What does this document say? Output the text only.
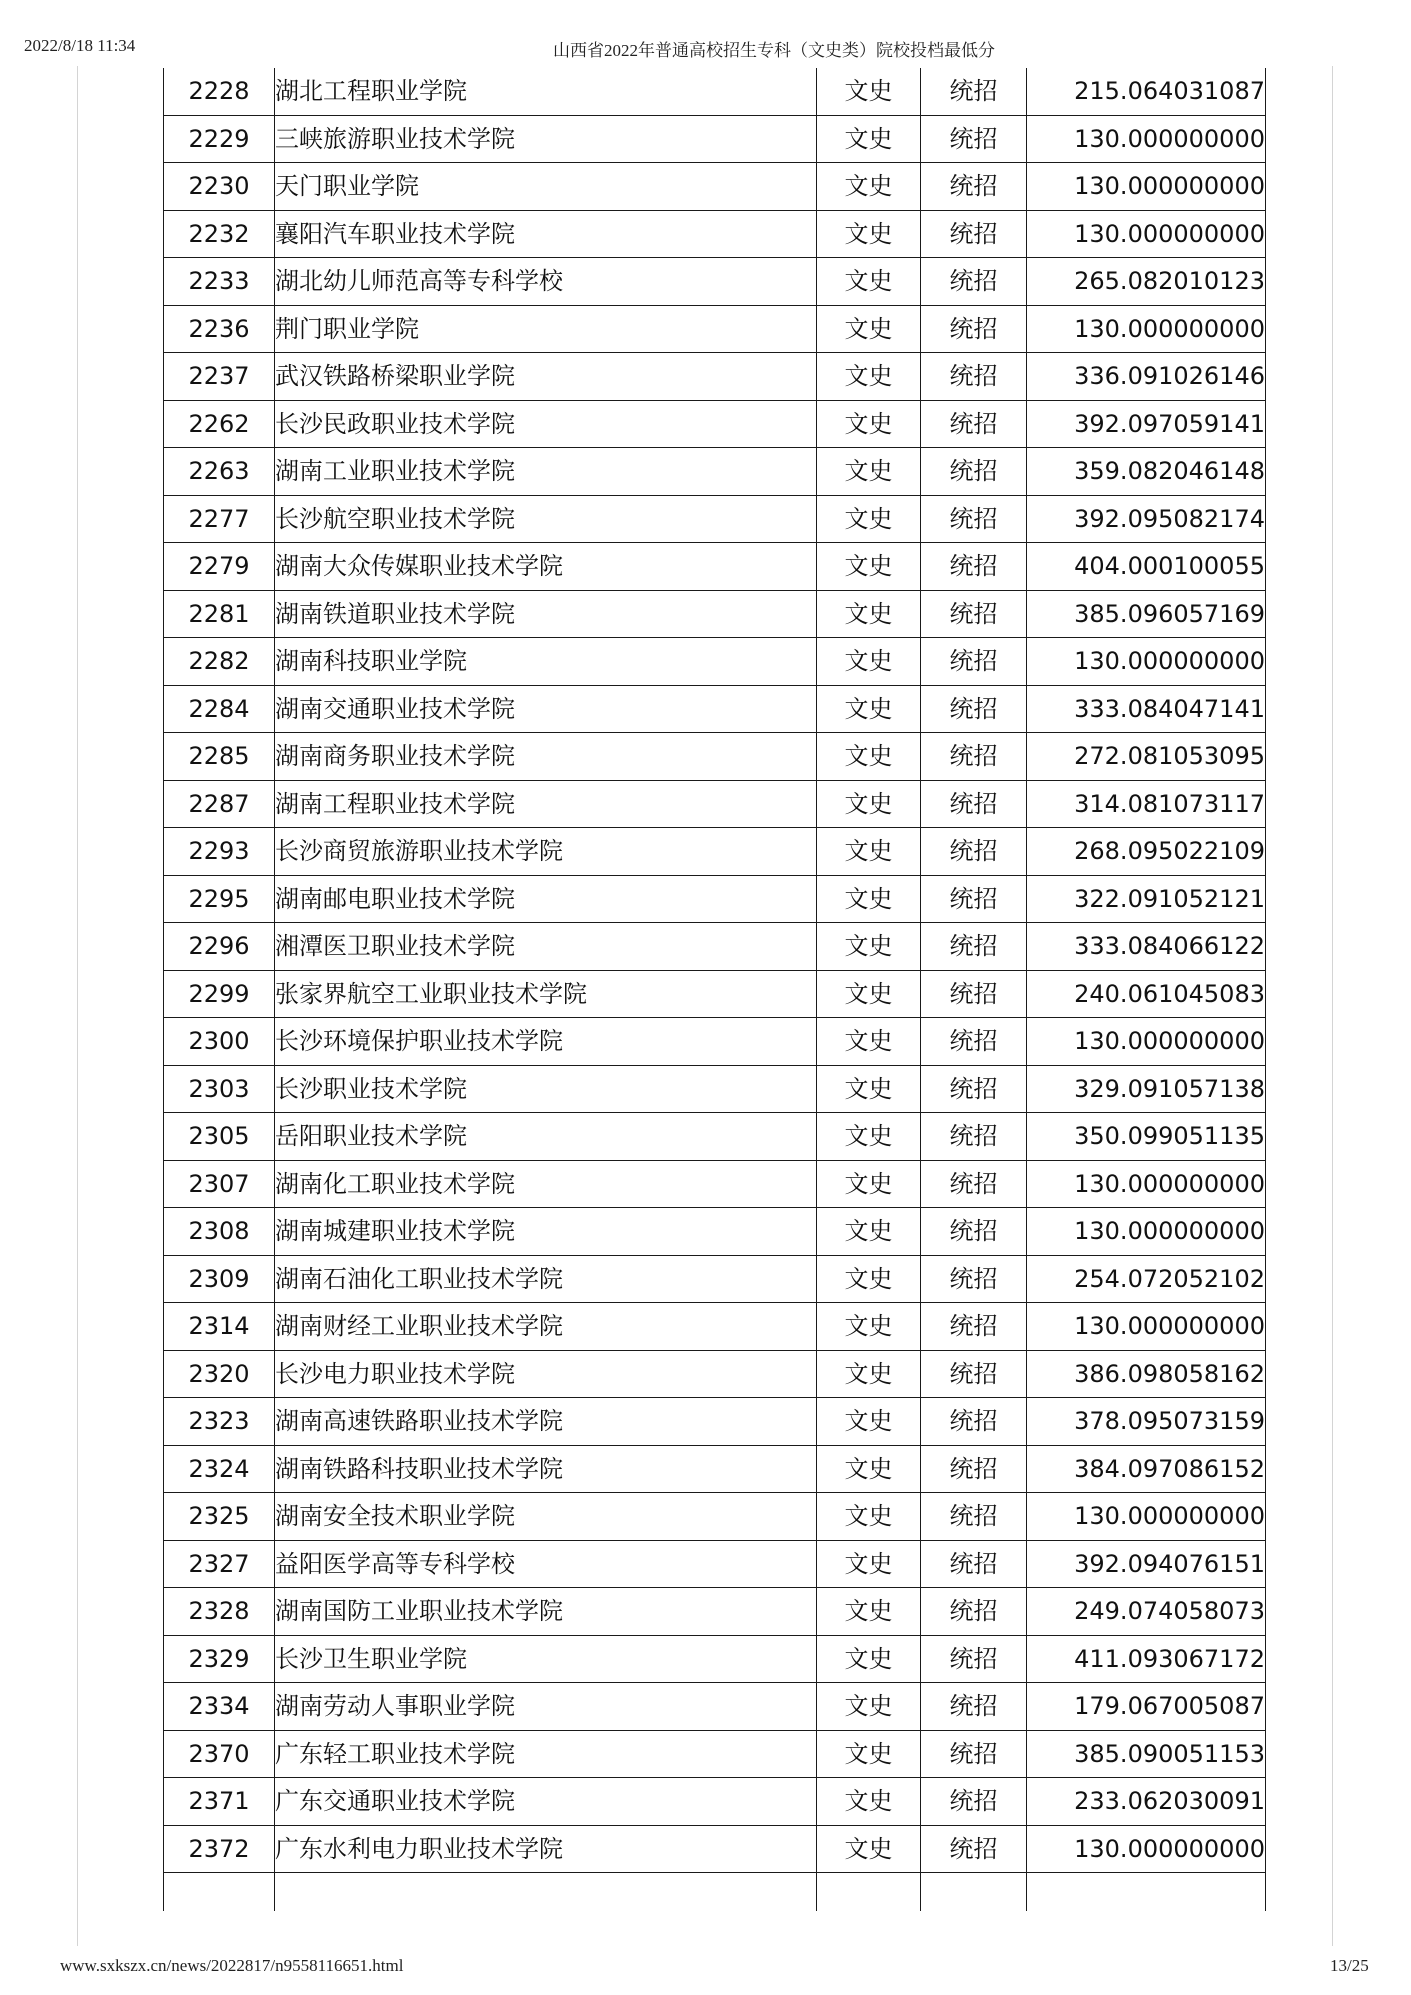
2022/8/18 11:34	山西省2022年普通高校招生专科（文史类）院校投档最低分
2228	湖北工程职业学院	文史	统招	215.064031087
2229	三峡旅游职业技术学院	文史	统招	130.000000000
2230	天门职业学院	文史	统招	130.000000000
2232	襄阳汽车职业技术学院	文史	统招	130.000000000
2233	湖北幼儿师范高等专科学校	文史	统招	265.082010123
2236	荆门职业学院	文史	统招	130.000000000
2237	武汉铁路桥梁职业学院	文史	统招	336.091026146
2262	长沙民政职业技术学院	文史	统招	392.097059141
2263	湖南工业职业技术学院	文史	统招	359.082046148
2277	长沙航空职业技术学院	文史	统招	392.095082174
2279	湖南大众传媒职业技术学院	文史	统招	404.000100055
2281	湖南铁道职业技术学院	文史	统招	385.096057169
2282	湖南科技职业学院	文史	统招	130.000000000
2284	湖南交通职业技术学院	文史	统招	333.084047141
2285	湖南商务职业技术学院	文史	统招	272.081053095
2287	湖南工程职业技术学院	文史	统招	314.081073117
2293	长沙商贸旅游职业技术学院	文史	统招	268.095022109
2295	湖南邮电职业技术学院	文史	统招	322.091052121
2296	湘潭医卫职业技术学院	文史	统招	333.084066122
2299	张家界航空工业职业技术学院	文史	统招	240.061045083
2300	长沙环境保护职业技术学院	文史	统招	130.000000000
2303	长沙职业技术学院	文史	统招	329.091057138
2305	岳阳职业技术学院	文史	统招	350.099051135
2307	湖南化工职业技术学院	文史	统招	130.000000000
2308	湖南城建职业技术学院	文史	统招	130.000000000
2309	湖南石油化工职业技术学院	文史	统招	254.072052102
2314	湖南财经工业职业技术学院	文史	统招	130.000000000
2320	长沙电力职业技术学院	文史	统招	386.098058162
2323	湖南高速铁路职业技术学院	文史	统招	378.095073159
2324	湖南铁路科技职业技术学院	文史	统招	384.097086152
2325	湖南安全技术职业学院	文史	统招	130.000000000
2327	益阳医学高等专科学校	文史	统招	392.094076151
2328	湖南国防工业职业技术学院	文史	统招	249.074058073
2329	长沙卫生职业学院	文史	统招	411.093067172
2334	湖南劳动人事职业学院	文史	统招	179.067005087
2370	广东轻工职业技术学院	文史	统招	385.090051153
2371	广东交通职业技术学院	文史	统招	233.062030091
2372	广东水利电力职业技术学院	文史	统招	130.000000000

www.sxkszx.cn/news/2022817/n9558116651.html	13/25
